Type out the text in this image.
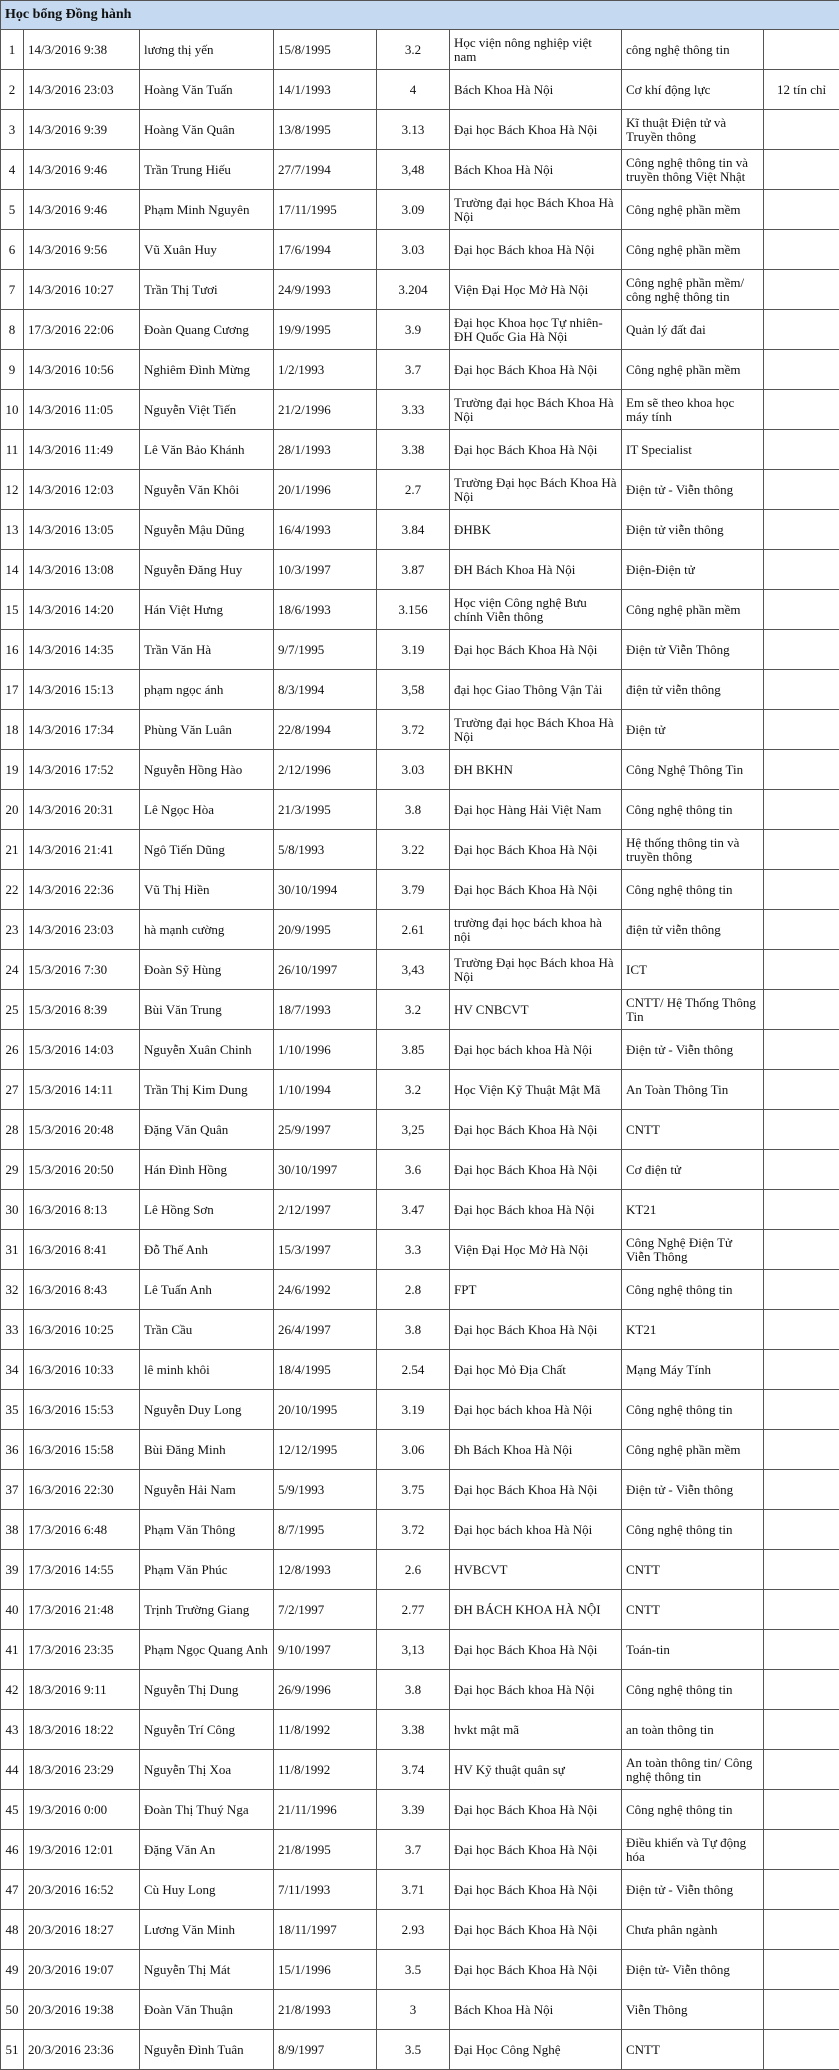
Học bổng Đồng hành							
1	14/3/2016 9:38	lương thị yến	15/8/1995	3.2	Học viện nông nghiệp việt nam	công nghệ thông tin	
2	14/3/2016 23:03	Hoàng Văn Tuấn	14/1/1993	4	Bách Khoa Hà Nội	Cơ khí động lực	12 tín chỉ
3	14/3/2016 9:39	Hoàng Văn Quân	13/8/1995	3.13	Đại học Bách Khoa Hà Nội	Kĩ thuật Điện tử và Truyền thông	
4	14/3/2016 9:46	Trần Trung Hiếu	27/7/1994	3,48	Bách Khoa Hà Nội	Công nghệ thông tin và truyền thông Việt Nhật	
5	14/3/2016 9:46	Phạm Minh Nguyên	17/11/1995	3.09	Trường đại học Bách Khoa Hà Nội	Công nghệ phần mềm	
6	14/3/2016 9:56	Vũ Xuân Huy	17/6/1994	3.03	Đại học Bách khoa Hà Nội	Công nghệ phần mềm	
7	14/3/2016 10:27	Trần Thị Tươi	24/9/1993	3.204	Viện Đại Học Mở Hà Nội	Công nghệ phần mềm/ công nghệ thông tin	
8	17/3/2016 22:06	Đoàn Quang Cương	19/9/1995	3.9	Đại học Khoa học Tự nhiên-ĐH Quốc Gia Hà Nội	Quản lý đất đai	
9	14/3/2016 10:56	Nghiêm Đình Mừng	1/2/1993	3.7	Đại học Bách Khoa Hà Nội	Công nghệ phần mềm	
10	14/3/2016 11:05	Nguyễn Việt Tiến	21/2/1996	3.33	Trường đại học Bách Khoa Hà Nội	Em sẽ theo khoa học máy tính	
11	14/3/2016 11:49	Lê Văn Bảo Khánh	28/1/1993	3.38	Đại học Bách Khoa Hà Nội	IT Specialist	
12	14/3/2016 12:03	Nguyễn Văn Khôi	20/1/1996	2.7	Trường Đại học Bách Khoa Hà Nội	Điện tử - Viễn thông	
13	14/3/2016 13:05	Nguyễn Mậu Dũng	16/4/1993	3.84	ĐHBK	Điện tử viễn thông	
14	14/3/2016 13:08	Nguyễn Đăng Huy	10/3/1997	3.87	ĐH Bách Khoa Hà Nội	Điện-Điện tử	
15	14/3/2016 14:20	Hán Việt Hưng	18/6/1993	3.156	Học viện Công nghệ Bưu chính Viễn thông	Công nghệ phần mềm	
16	14/3/2016 14:35	Trần Văn Hà	9/7/1995	3.19	Đại học Bách Khoa Hà Nội	Điện tử Viễn Thông	
17	14/3/2016 15:13	phạm ngọc ánh	8/3/1994	3,58	đại học Giao Thông Vận Tải	điện tử viễn thông	
18	14/3/2016 17:34	Phùng Văn Luân	22/8/1994	3.72	Trường đại học Bách Khoa Hà Nội	Điện tử	
19	14/3/2016 17:52	Nguyễn Hồng Hào	2/12/1996	3.03	ĐH BKHN	Công Nghệ Thông Tin	
20	14/3/2016 20:31	Lê Ngọc Hòa	21/3/1995	3.8	Đại học Hàng Hải Việt Nam	Công nghệ thông tin	
21	14/3/2016 21:41	Ngô Tiến Dũng	5/8/1993	3.22	Đại học Bách Khoa Hà Nội	Hệ thống thông tin và truyền thông	
22	14/3/2016 22:36	Vũ Thị Hiền	30/10/1994	3.79	Đại học Bách Khoa Hà Nội	Công nghệ thông tin	
23	14/3/2016 23:03	hà mạnh cường	20/9/1995	2.61	trường đại học bách khoa hà nội	điện tử viễn thông	
24	15/3/2016 7:30	Đoàn Sỹ Hùng	26/10/1997	3,43	Trường Đại học Bách khoa Hà Nội	ICT	
25	15/3/2016 8:39	Bùi Văn Trung	18/7/1993	3.2	HV CNBCVT	CNTT/ Hệ Thống Thông Tin	
26	15/3/2016 14:03	Nguyễn Xuân Chinh	1/10/1996	3.85	Đại học bách khoa Hà Nội	Điện tử - Viễn thông	
27	15/3/2016 14:11	Trần Thị Kim Dung	1/10/1994	3.2	Học Viện Kỹ Thuật Mật Mã	An Toàn Thông Tin	
28	15/3/2016 20:48	Đặng Văn Quân	25/9/1997	3,25	Đại học Bách Khoa Hà Nội	CNTT	
29	15/3/2016 20:50	Hán Đình Hồng	30/10/1997	3.6	Đại học Bách Khoa Hà Nội	Cơ điện tử	
30	16/3/2016 8:13	Lê Hồng Sơn	2/12/1997	3.47	Đại học Bách khoa Hà Nội	KT21	
31	16/3/2016 8:41	Đỗ Thế Anh	15/3/1997	3.3	Viện Đại Học Mở Hà Nội	Công Nghệ Điện Tử Viễn Thông	
32	16/3/2016 8:43	Lê Tuấn Anh	24/6/1992	2.8	FPT	Công nghệ thông tin	
33	16/3/2016 10:25	Trần Cầu	26/4/1997	3.8	Đại học Bách Khoa Hà Nội	KT21	
34	16/3/2016 10:33	lê minh khôi	18/4/1995	2.54	Đại học Mỏ Địa Chất	Mạng Máy Tính	
35	16/3/2016 15:53	Nguyễn Duy Long	20/10/1995	3.19	Đại học bách khoa Hà Nội	Công nghệ thông tin	
36	16/3/2016 15:58	Bùi Đăng Minh	12/12/1995	3.06	Đh Bách Khoa Hà Nội	Công nghệ phần mềm	
37	16/3/2016 22:30	Nguyễn Hải Nam	5/9/1993	3.75	Đại học Bách Khoa Hà Nội	Điện tử - Viễn thông	
38	17/3/2016 6:48	Phạm Văn Thông	8/7/1995	3.72	Đại học bách khoa Hà Nội	Công nghệ thông tin	
39	17/3/2016 14:55	Phạm Văn Phúc	12/8/1993	2.6	HVBCVT	CNTT	
40	17/3/2016 21:48	Trịnh Trường Giang	7/2/1997	2.77	ĐH BÁCH KHOA HÀ NỘI	CNTT	
41	17/3/2016 23:35	Phạm Ngọc Quang Anh	9/10/1997	3,13	Đại học Bách Khoa Hà Nội	Toán-tin	
42	18/3/2016 9:11	Nguyễn Thị Dung	26/9/1996	3.8	Đại học Bách khoa Hà Nội	Công nghệ thông tin	
43	18/3/2016 18:22	Nguyễn Trí Công	11/8/1992	3.38	hvkt mật mã	an toàn thông tin	
44	18/3/2016 23:29	Nguyễn Thị Xoa	11/8/1992	3.74	HV Kỹ thuật quân sự	An toàn thông tin/ Công nghệ thông tin	
45	19/3/2016 0:00	Đoàn Thị Thuý Nga	21/11/1996	3.39	Đại học Bách Khoa Hà Nội	Công nghệ thông tin	
46	19/3/2016 12:01	Đặng Văn An	21/8/1995	3.7	Đại học Bách Khoa Hà Nội	Điều khiển và Tự động hóa	
47	20/3/2016 16:52	Cù Huy Long	7/11/1993	3.71	Đại học Bách Khoa Hà Nội	Điện tử - Viễn thông	
48	20/3/2016 18:27	Lương Văn Minh	18/11/1997	2.93	Đại học Bách Khoa Hà Nội	Chưa phân ngành	
49	20/3/2016 19:07	Nguyễn Thị Mát	15/1/1996	3.5	Đại học Bách Khoa Hà Nội	Điện tử- Viễn thông	
50	20/3/2016 19:38	Đoàn Văn Thuận	21/8/1993	3	Bách Khoa Hà Nội	Viễn Thông	
51	20/3/2016 23:36	Nguyễn Đình Tuân	8/9/1997	3.5	Đại Học Công Nghệ	CNTT	
